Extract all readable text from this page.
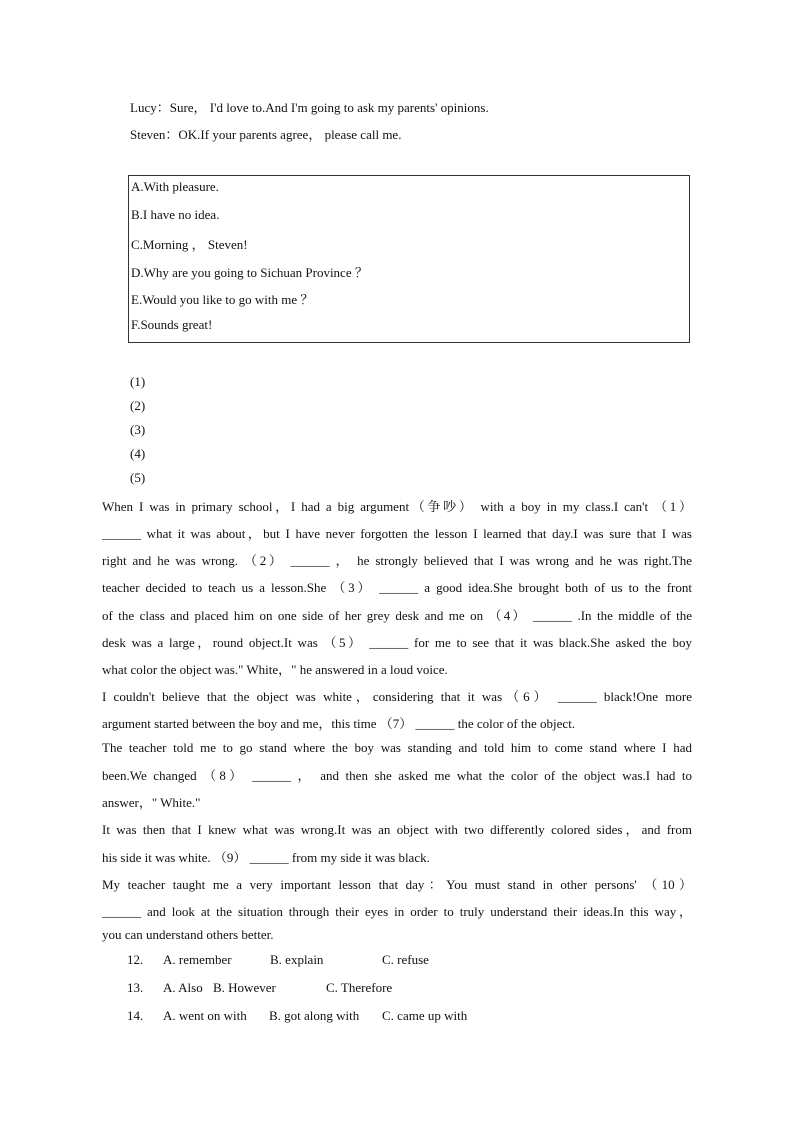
Lucy：Sure， I'd love to.And I'm going to ask my parents' opinions.
Steven：OK.If your parents agree， please call me.
A.With pleasure.
B.I have no idea.
C.Morning ， Steven!
D.Why are you going to Sichuan Province ？
E.Would you like to go with me ？
F.Sounds great!
(1)
(2)
(3)
(4)
(5)
When I was in primary school，I had a big argument（争吵） with a boy in my class.I can't （1）
______ what it was about，but I have never forgotten the lesson I learned that day.I was sure that I was
right and he was wrong. （2） ______ ， he strongly believed that I was wrong and he was right.The
teacher decided to teach us a lesson.She （3） ______ a good idea.She brought both of us to the front
of the class and placed him on one side of her grey desk and me on （4） ______ .In the middle of the
desk was a large，round object.It was （5） ______ for me to see that it was black.She asked the boy
what color the object was." White，" he answered in a loud voice.
I couldn't believe that the object was white，considering that it was（6） ______ black!One more
argument started between the boy and me，this time （7） ______ the color of the object.
The teacher told me to go stand where the boy was standing and told him to come stand where I had
been.We changed （8） ______ ， and then she asked me what the color of the object was.I had to
answer，" White."
It was then that I knew what was wrong.It was an object with two differently colored sides，and from
his side it was white. （9） ______ from my side it was black.
My teacher taught me a very important lesson that day：You must stand in other persons' （10）
______ and look at the situation through their eyes in order to truly understand their ideas.In this way，
you can understand others better.
12. A. remember	B. explain	C. refuse
13. A. Also B. However	C. Therefore
14. A. went on with B. got along with C. came up with
